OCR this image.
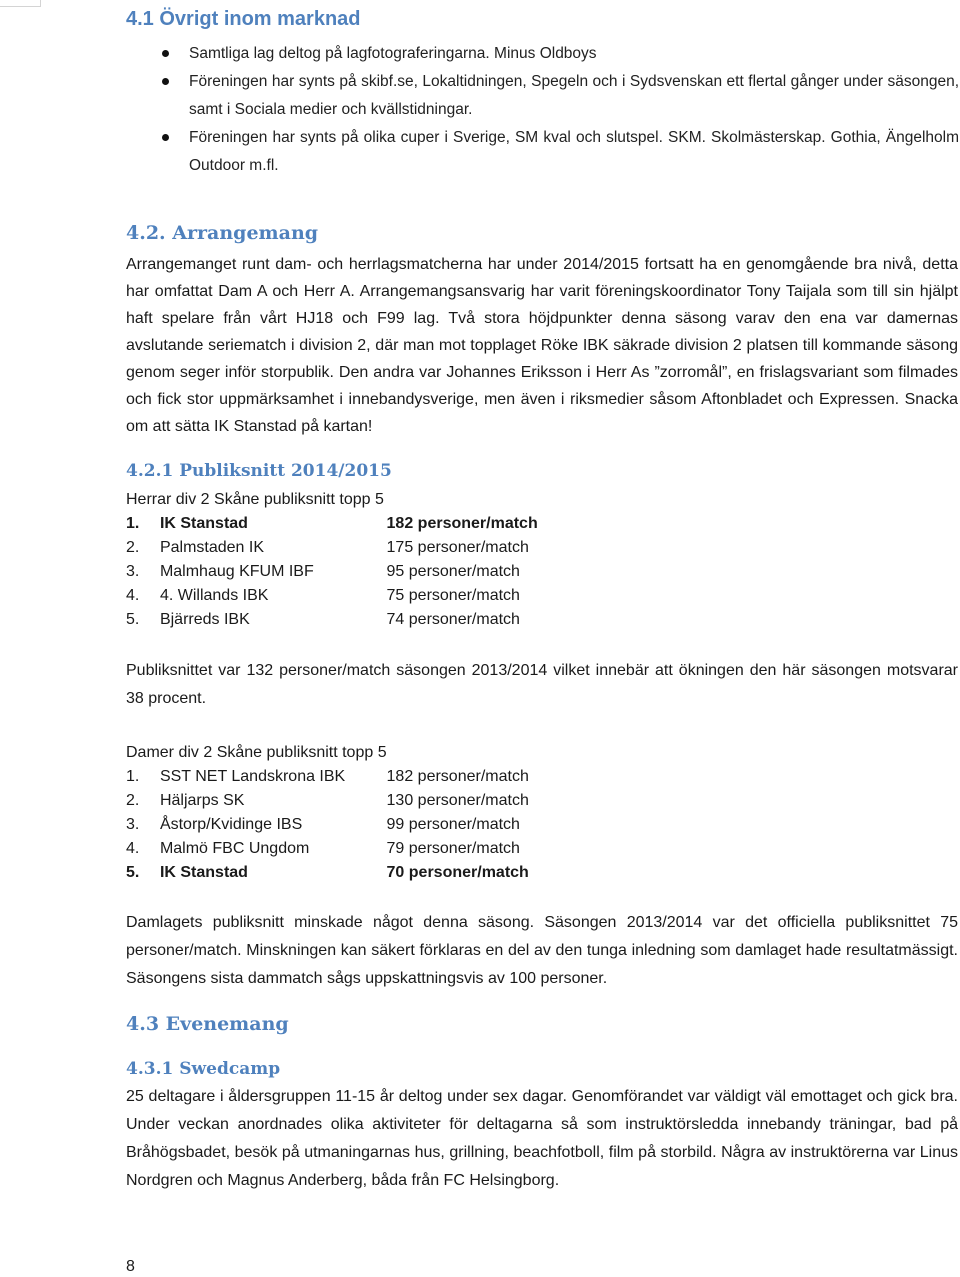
4.1 Övrigt inom marknad
Samtliga lag deltog på lagfotograferingarna. Minus Oldboys
Föreningen har synts på skibf.se, Lokaltidningen, Spegeln och i Sydsvenskan ett flertal gånger under säsongen, samt i Sociala medier och kvällstidningar.
Föreningen har synts på olika cuper i Sverige, SM kval och slutspel. SKM. Skolmästerskap. Gothia, Ängelholm Outdoor m.fl.
4.2. Arrangemang

Arrangemanget runt dam- och herrlagsmatcherna har under 2014/2015 fortsatt ha en genomgående bra nivå, detta har omfattat Dam A och Herr A. Arrangemangsansvarig har varit föreningskoordinator Tony Taijala som till sin hjälpt haft spelare från vårt HJ18 och F99 lag. Två stora höjdpunkter denna säsong varav den ena var damernas avslutande seriematch i division 2, där man mot topplaget Röke IBK säkrade division 2 platsen till kommande säsong genom seger inför storpublik. Den andra var Johannes Eriksson i Herr As ”zorromål”, en frislagsvariant som filmades och fick stor uppmärksamhet i innebandysverige, men även i riksmedier såsom Aftonbladet och Expressen. Snacka om att sätta IK Stanstad på kartan!

4.2.1 Publiksnitt 2014/2015

Herrar div 2 Skåne publiksnitt topp 5

1.	IK Stanstad	182 personer/match
2.	Palmstaden IK	175 personer/match
3.	Malmhaug KFUM IBF	95 personer/match
4.	4. Willands IBK	75 personer/match
5.	Bjärreds IBK	74 personer/match

Publiksnittet var 132 personer/match säsongen 2013/2014 vilket innebär att ökningen den här säsongen motsvarar 38 procent.

Damer div 2 Skåne publiksnitt topp 5

1.	SST NET Landskrona IBK	182 personer/match
2.	Häljarps SK	130 personer/match
3.	Åstorp/Kvidinge IBS	99 personer/match
4.	Malmö FBC Ungdom	79 personer/match
5.	IK Stanstad	70 personer/match

Damlagets publiksnitt minskade något denna säsong. Säsongen 2013/2014 var det officiella publiksnittet 75 personer/match. Minskningen kan säkert förklaras en del av den tunga inledning som damlaget hade resultatmässigt. Säsongens sista dammatch sågs uppskattningsvis av 100 personer.

4.3 Evenemang
4.3.1 Swedcamp

25 deltagare i åldersgruppen 11-15 år deltog under sex dagar. Genomförandet var väldigt väl emottaget och gick bra. Under veckan anordnades olika aktiviteter för deltagarna så som instruktörsledda innebandy träningar, bad på Bråhögsbadet, besök på utmaningarnas hus, grillning, beachfotboll, film på storbild. Några av instruktörerna var Linus Nordgren och Magnus Anderberg, båda från FC Helsingborg.

8
